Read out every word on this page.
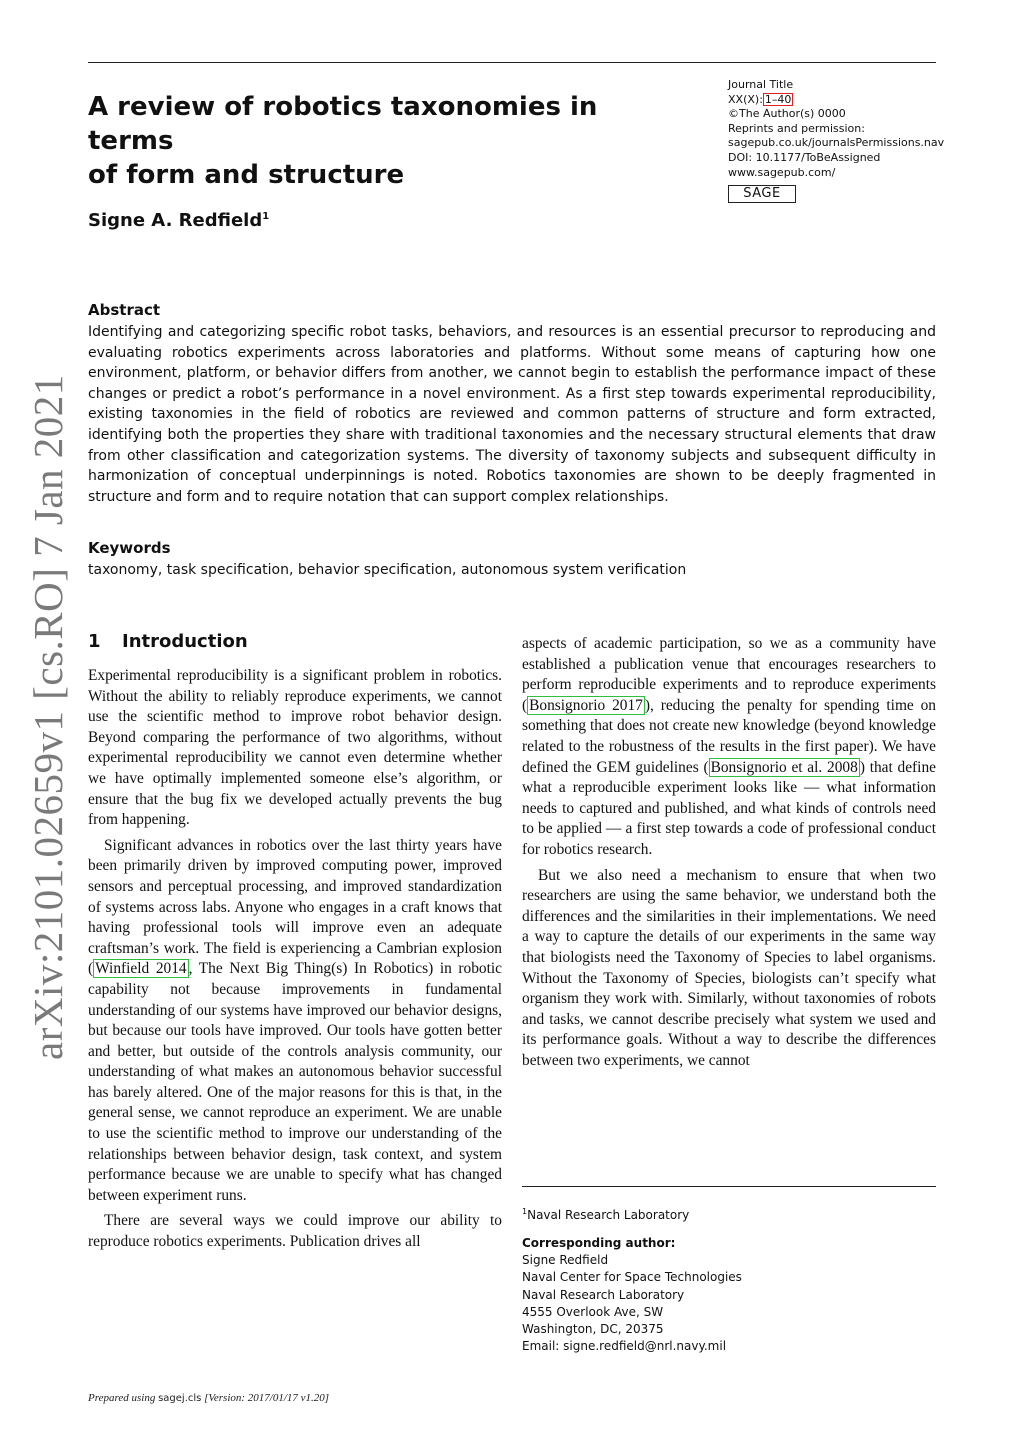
A review of robotics taxonomies in terms
of form and structure
Journal Title
XX(X): 1–40
©The Author(s) 0000
Reprints and permission:
sagepub.co.uk/journalsPermissions.nav
DOI: 10.1177/ToBeAssigned
www.sagepub.com/
SAGE
Signe A. Redfield$^1$
Abstract
Identifying and categorizing specific robot tasks, behaviors, and resources is an essential precursor to reproducing and evaluating robotics experiments across laboratories and platforms. Without some means of capturing how one environment, platform, or behavior differs from another, we cannot begin to establish the performance impact of these changes or predict a robot’s performance in a novel environment. As a first step towards experimental reproducibility, existing taxonomies in the field of robotics are reviewed and common patterns of structure and form extracted, identifying both the properties they share with traditional taxonomies and the necessary structural elements that draw from other classification and categorization systems. The diversity of taxonomy subjects and subsequent difficulty in harmonization of conceptual underpinnings is noted. Robotics taxonomies are shown to be deeply fragmented in structure and form and to require notation that can support complex relationships.
Keywords
taxonomy, task specification, behavior specification, autonomous system verification
arXiv:2101.02659v1 [cs.RO] 7 Jan 2021 1 Introduction

Experimental reproducibility is a significant problem in robotics. Without the ability to reliably reproduce experiments, we cannot use the scientific method to improve robot behavior design. Beyond comparing the performance of two algorithms, without experimental reproducibility we cannot even determine whether we have optimally implemented someone else’s algorithm, or ensure that the bug fix we developed actually prevents the bug from happening.

Significant advances in robotics over the last thirty years have been primarily driven by improved computing power, improved sensors and perceptual processing, and improved standardization of systems across labs. Anyone who engages in a craft knows that having professional tools will improve even an adequate craftsman’s work. The field is experiencing a Cambrian explosion ( Winfield 2014 , The Next Big Thing(s) In Robotics) in robotic capability not because improvements in fundamental understanding of our systems have improved our behavior designs, but because our tools have improved. Our tools have gotten better and better, but outside of the controls analysis community, our understanding of what makes an autonomous behavior successful has barely altered. One of the major reasons for this is that, in the general sense, we cannot reproduce an experiment. We are unable to use the scientific method to improve our understanding of the relationships between behavior design, task context, and system performance because we are unable to specify what has changed between experiment runs.

There are several ways we could improve our ability to reproduce robotics experiments. Publication drives all

aspects of academic participation, so we as a community have established a publication venue that encourages researchers to perform reproducible experiments and to reproduce experiments ( Bonsignorio 2017 ), reducing the penalty for spending time on something that does not create new knowledge (beyond knowledge related to the robustness of the results in the first paper). We have defined the GEM guidelines ( Bonsignorio et al. 2008 ) that define what a reproducible experiment looks like — what information needs to captured and published, and what kinds of controls need to be applied — a first step towards a code of professional conduct for robotics research.

But we also need a mechanism to ensure that when two researchers are using the same behavior, we understand both the differences and the similarities in their implementations. We need a way to capture the details of our experiments in the same way that biologists need the Taxonomy of Species to label organisms. Without the Taxonomy of Species, biologists can’t specify what organism they work with. Similarly, without taxonomies of robots and tasks, we cannot describe precisely what system we used and its performance goals. Without a way to describe the differences between two experiments, we cannot

$^1$Naval Research Laboratory
Corresponding author:
Signe Redfield
Naval Center for Space Technologies
Naval Research Laboratory
4555 Overlook Ave, SW
Washington, DC, 20375
Email: signe.redfield@nrl.navy.mil
Prepared using sagej.cls [Version: 2017/01/17 v1.20]
